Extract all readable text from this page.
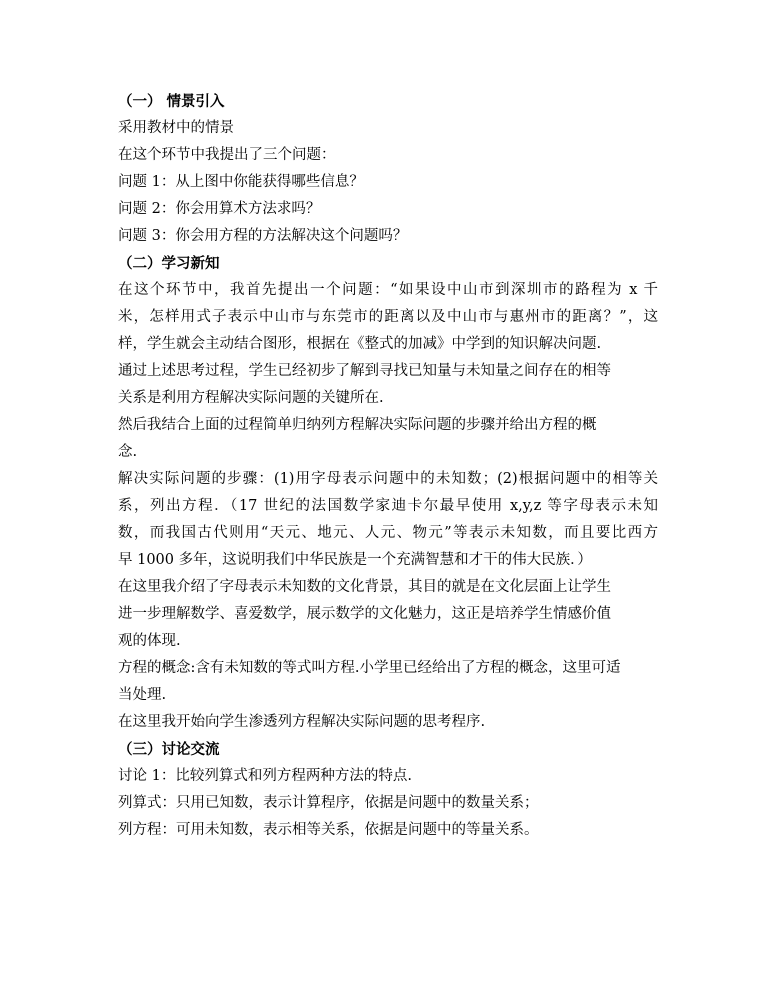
（一） 情景引入
采用教材中的情景
在这个环节中我提出了三个问题：
问题 1：从上图中你能获得哪些信息？
问题 2：你会用算术方法求吗？
问题 3：你会用方程的方法解决这个问题吗？
（二）学习新知
在这个环节中，我首先提出一个问题：“如果设中山市到深圳市的路程为 x 千
米，怎样用式子表示中山市与东莞市的距离以及中山市与惠州市的距离？”，这
样，学生就会主动结合图形，根据在《整式的加减》中学到的知识解决问题.
通过上述思考过程，学生已经初步了解到寻找已知量与未知量之间存在的相等
关系是利用方程解决实际问题的关键所在.
然后我结合上面的过程简单归纳列方程解决实际问题的步骤并给出方程的概
念.
解决实际问题的步骤：(1)用字母表示问题中的未知数；(2)根据问题中的相等关
系，列出方程．（17 世纪的法国数学家迪卡尔最早使用 x,y,z 等字母表示未知
数，而我国古代则用“天元、地元、人元、物元”等表示未知数，而且要比西方
早 1000 多年，这说明我们中华民族是一个充满智慧和才干的伟大民族．）
在这里我介绍了字母表示未知数的文化背景，其目的就是在文化层面上让学生
进一步理解数学、喜爱数学，展示数学的文化魅力，这正是培养学生情感价值
观的体现.
方程的概念:含有未知数的等式叫方程.小学里已经给出了方程的概念，这里可适
当处理.
在这里我开始向学生渗透列方程解决实际问题的思考程序.
（三）讨论交流
讨论 1：比较列算式和列方程两种方法的特点.
列算式：只用已知数，表示计算程序，依据是问题中的数量关系；
列方程：可用未知数，表示相等关系，依据是问题中的等量关系。
